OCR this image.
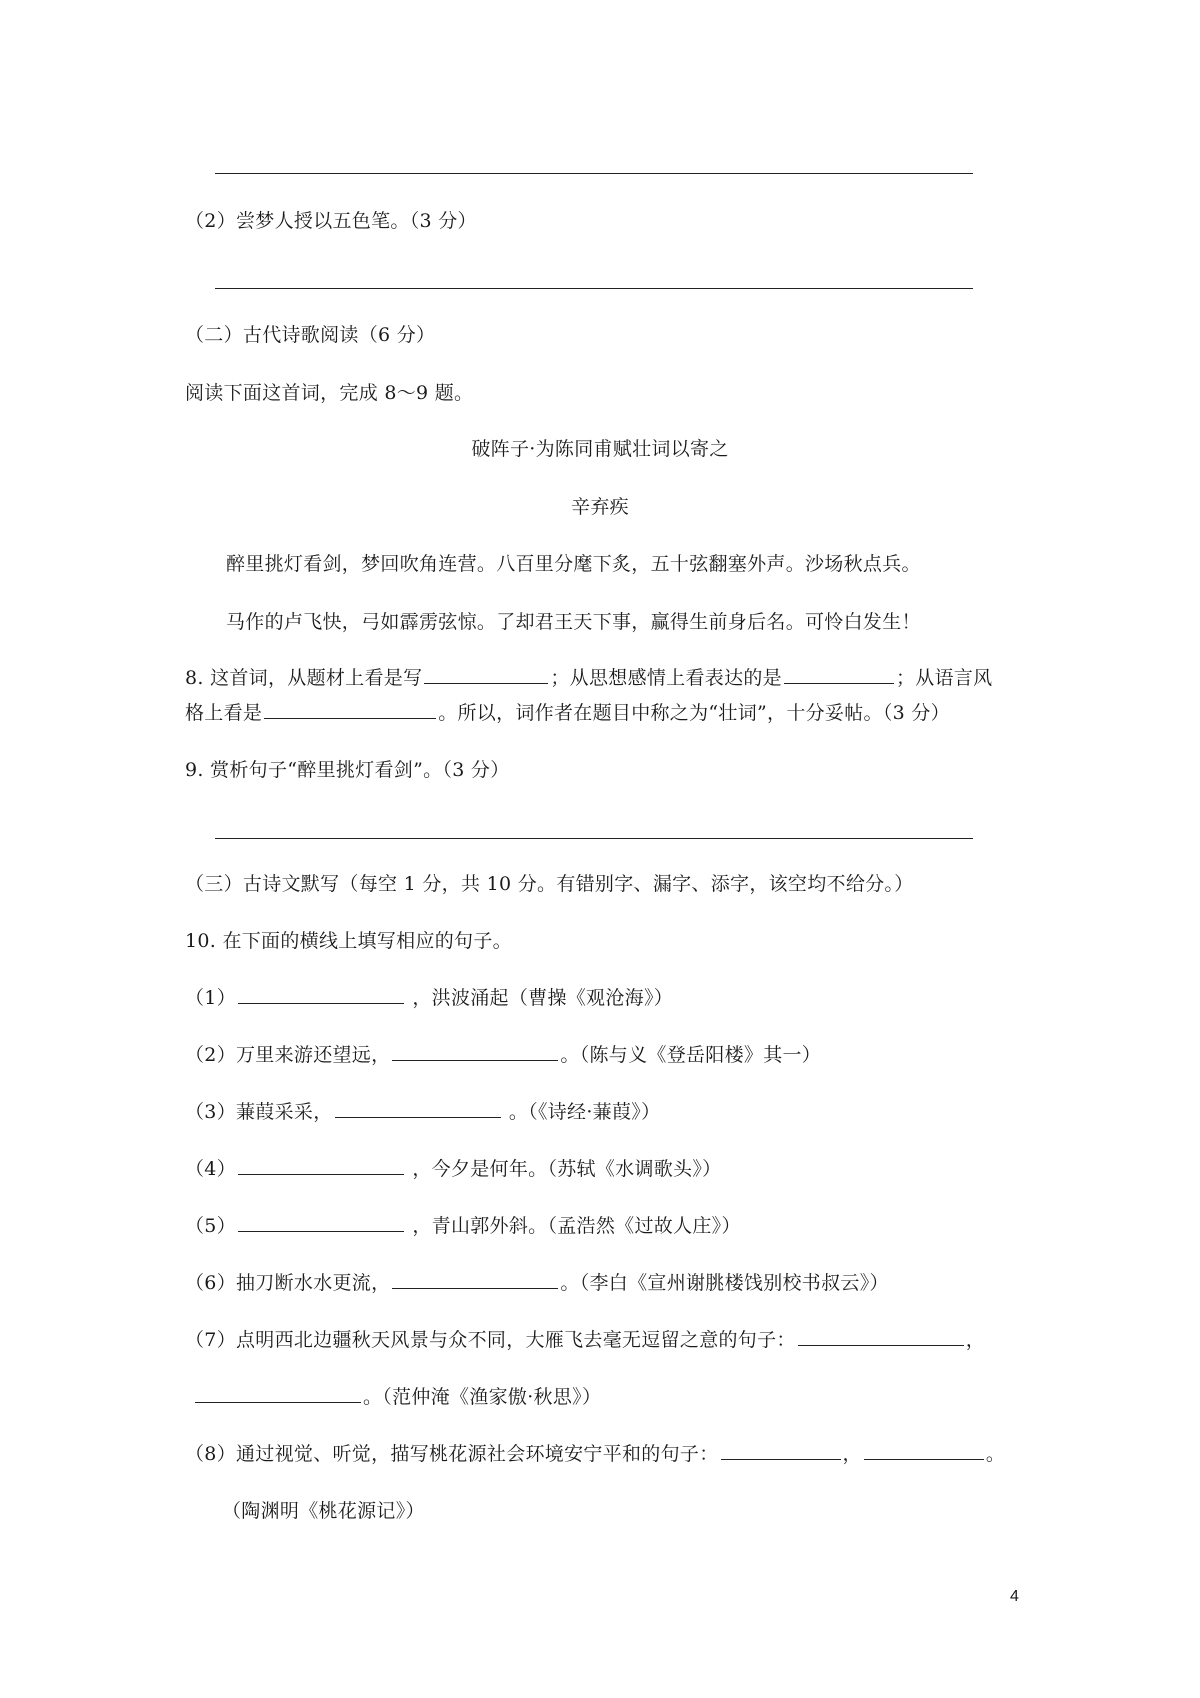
（2）尝梦人授以五色笔。（3 分）
（二）古代诗歌阅读（6 分）
阅读下面这首词，完成 8～9 题。
破阵子·为陈同甫赋壮词以寄之
辛弃疾
醉里挑灯看剑，梦回吹角连营。八百里分麾下炙，五十弦翻塞外声。沙场秋点兵。
马作的卢飞快，弓如霹雳弦惊。了却君王天下事，赢得生前身后名。可怜白发生！
8. 这首词，从题材上看是写	；从思想感情上看表达的是	；从语言风
格上看是	。所以，词作者在题目中称之为“壮词”，十分妥帖。（3 分）
9. 赏析句子“醉里挑灯看剑”。（3 分）
（三）古诗文默写（每空 1 分，共 10 分。有错别字、漏字、添字，该空均不给分。）
10. 在下面的横线上填写相应的句子。
（1）	，洪波涌起（曹操《观沧海》）
（2）万里来游还望远，	。（陈与义《登岳阳楼》其一）
（3）蒹葭采采，	。（《诗经·蒹葭》）
（4）	，今夕是何年。（苏轼《水调歌头》）
（5）	，青山郭外斜。（孟浩然《过故人庄》）
（6）抽刀断水水更流，	。（李白《宣州谢朓楼饯别校书叔云》）
（7）点明西北边疆秋天风景与众不同，大雁飞去毫无逗留之意的句子：	，
。（范仲淹《渔家傲·秋思》）
（8）通过视觉、听觉，描写桃花源社会环境安宁平和的句子：	，	。
（陶渊明《桃花源记》）
4
